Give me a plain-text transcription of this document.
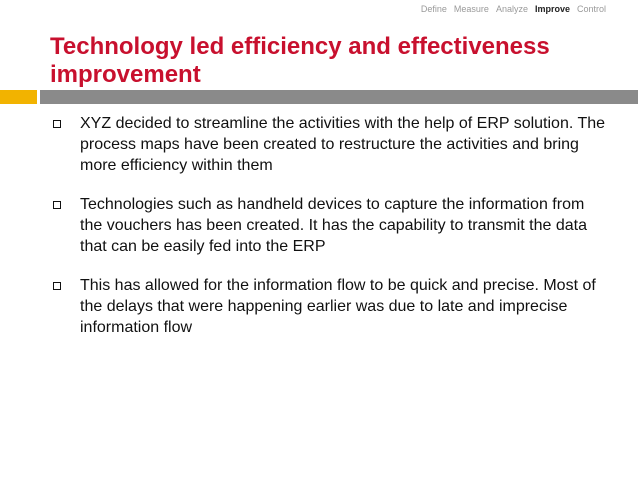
Define Measure Analyze Improve Control
Technology led efficiency and effectiveness improvement
XYZ decided to streamline the activities with the help of ERP solution. The process maps have been created to restructure the activities and bring more efficiency within them
Technologies such as handheld devices to capture the information from the vouchers has been created. It has the capability to transmit the data that can be easily fed into the ERP
This has allowed for the information flow to be quick and precise. Most of the delays that were happening earlier was due to late and imprecise information flow
